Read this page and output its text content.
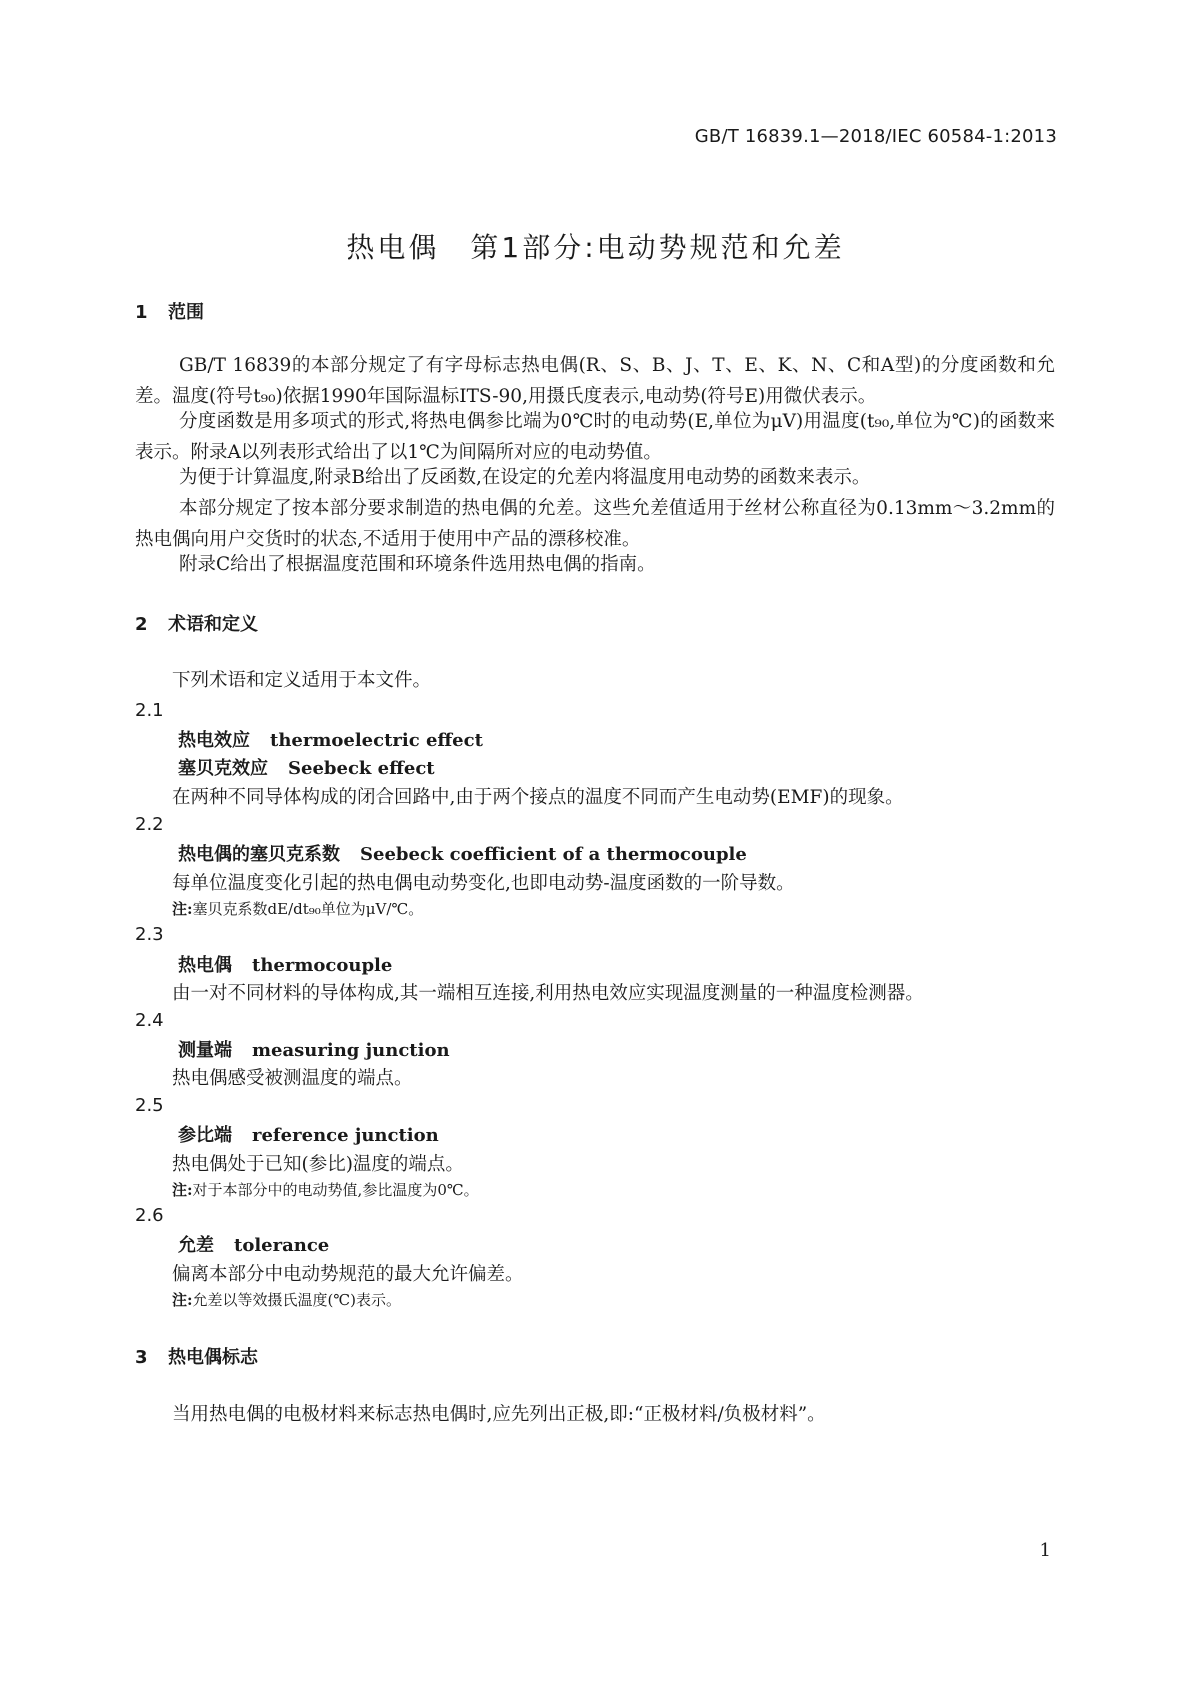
GB/T 16839.1—2018/IEC 60584-1:2013
热电偶　第1部分:电动势规范和允差
1 范围
GB/T 16839的本部分规定了有字母标志热电偶(R、S、B、J、T、E、K、N、C和A型)的分度函数和允差。温度(符号t₉₀)依据1990年国际温标ITS-90,用摄氏度表示,电动势(符号E)用微伏表示。
分度函数是用多项式的形式,将热电偶参比端为0℃时的电动势(E,单位为μV)用温度(t₉₀,单位为℃)的函数来表示。附录A以列表形式给出了以1℃为间隔所对应的电动势值。
为便于计算温度,附录B给出了反函数,在设定的允差内将温度用电动势的函数来表示。
本部分规定了按本部分要求制造的热电偶的允差。这些允差值适用于丝材公称直径为0.13mm～3.2mm的热电偶向用户交货时的状态,不适用于使用中产品的漂移校准。
附录C给出了根据温度范围和环境条件选用热电偶的指南。
2 术语和定义
下列术语和定义适用于本文件。
2.1
热电效应 thermoelectric effect
塞贝克效应 Seebeck effect
在两种不同导体构成的闭合回路中,由于两个接点的温度不同而产生电动势(EMF)的现象。
2.2
热电偶的塞贝克系数 Seebeck coefficient of a thermocouple
每单位温度变化引起的热电偶电动势变化,也即电动势-温度函数的一阶导数。
注:塞贝克系数dE/dt₉₀单位为μV/℃。
2.3
热电偶 thermocouple
由一对不同材料的导体构成,其一端相互连接,利用热电效应实现温度测量的一种温度检测器。
2.4
测量端 measuring junction
热电偶感受被测温度的端点。
2.5
参比端 reference junction
热电偶处于已知(参比)温度的端点。
注:对于本部分中的电动势值,参比温度为0℃。
2.6
允差 tolerance
偏离本部分中电动势规范的最大允许偏差。
注:允差以等效摄氏温度(℃)表示。
3 热电偶标志
当用热电偶的电极材料来标志热电偶时,应先列出正极,即:“正极材料/负极材料”。
1
